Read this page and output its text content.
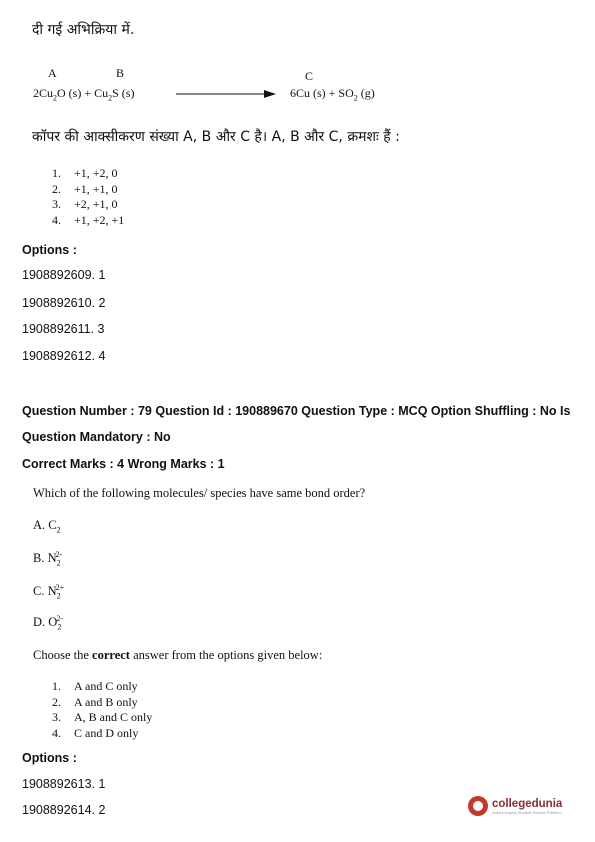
दी गई अभिक्रिया में.
A	B	C
$2Cu_2O$ $(s) + Cu_2S$ (s)	6Cu $(s) + SO_2$ (g)
कॉपर की आक्सीकरण संख्या A, B और C है। A, B और C, क्रमशः हैं :
1.	+1, +2, 0
2.	+1, +1, 0
3.	+2, +1, 0
4.	+1, +2, +1
Options :
1908892609. 1
1908892610. 2
1908892611. 3
1908892612. 4
Question Number : 79 Question Id : 190889670 Question Type : MCQ Option Shuffling : No Is
Question Mandatory : No
Correct Marks : 4 Wrong Marks : 1
Which of the following molecules/ species have same bond order?
A. $C_2$
B. $N_2^{2-}$
C. $N_2^{2+}$
D. $O_2^{2-}$
Choose the correct answer from the options given below:
1.	A and C only
2.	A and B only
3.	A, B and C only
4.	C and D only
Options :
1908892613. 1
1908892614. 2	collegedunia
India's largest Student Review Platform
